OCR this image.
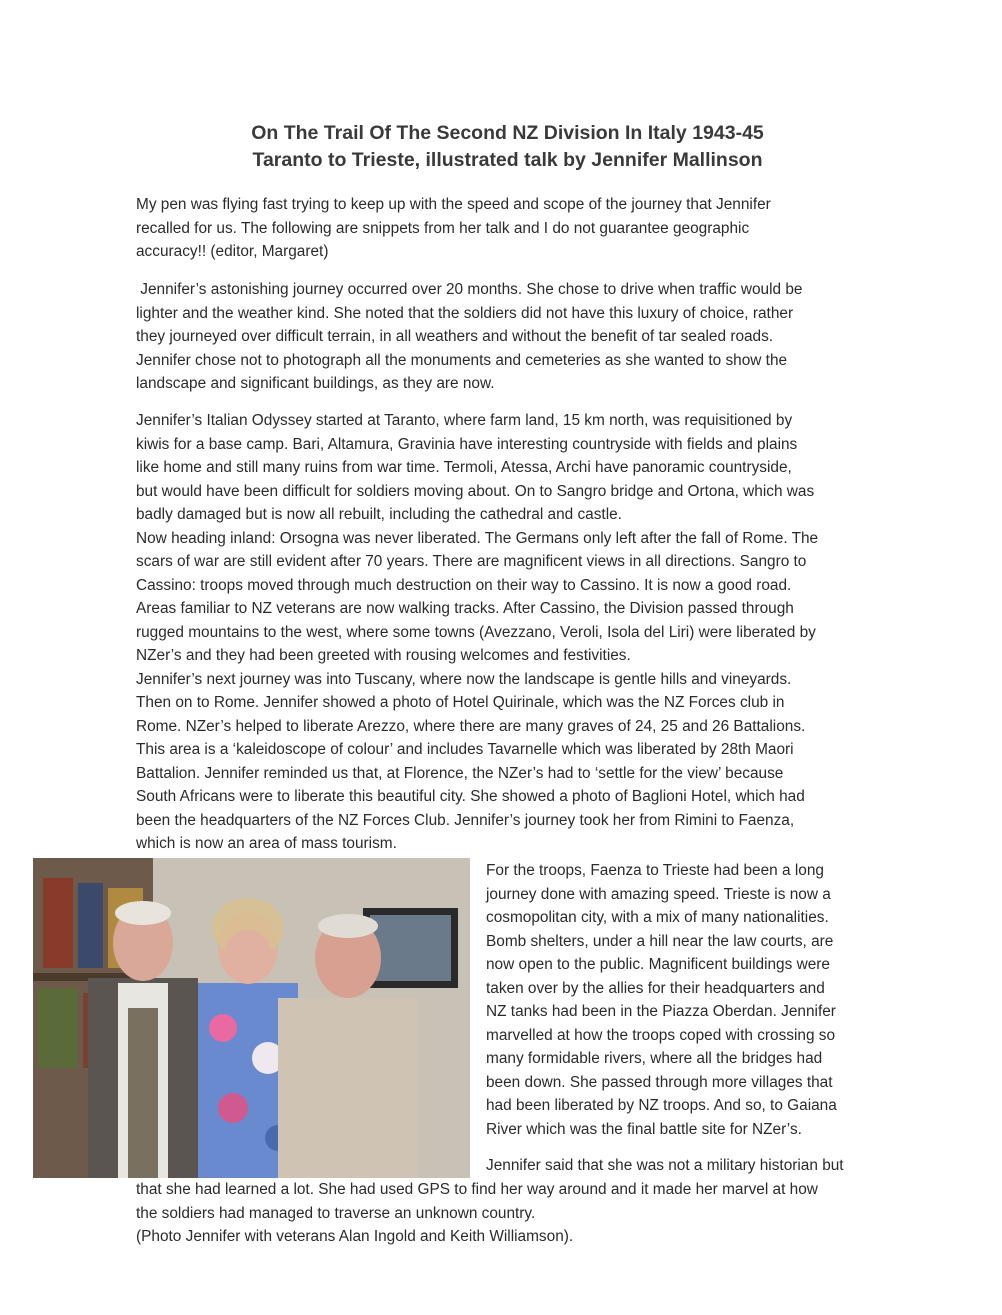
On The Trail Of The Second NZ Division In Italy 1943-45

Taranto to Trieste, illustrated talk by Jennifer Mallinson

My pen was flying fast trying to keep up with the speed and scope of the journey that Jennifer
recalled for us. The following are snippets from her talk and I do not guarantee geographic
accuracy!! (editor, Margaret)

Jennifer’s astonishing journey occurred over 20 months. She chose to drive when traffic would be
lighter and the weather kind. She noted that the soldiers did not have this luxury of choice, rather
they journeyed over difficult terrain, in all weathers and without the benefit of tar sealed roads.
Jennifer chose not to photograph all the monuments and cemeteries as she wanted to show the
landscape and significant buildings, as they are now.

Jennifer’s Italian Odyssey started at Taranto, where farm land, 15 km north, was requisitioned by
kiwis for a base camp. Bari, Altamura, Gravinia have interesting countryside with fields and plains
like home and still many ruins from war time. Termoli, Atessa, Archi have panoramic countryside,
but would have been difficult for soldiers moving about. On to Sangro bridge and Ortona, which was
badly damaged but is now all rebuilt, including the cathedral and castle.
Now heading inland: Orsogna was never liberated. The Germans only left after the fall of Rome. The
scars of war are still evident after 70 years. There are magnificent views in all directions. Sangro to
Cassino: troops moved through much destruction on their way to Cassino. It is now a good road.
Areas familiar to NZ veterans are now walking tracks. After Cassino, the Division passed through
rugged mountains to the west, where some towns (Avezzano, Veroli, Isola del Liri) were liberated by
NZer’s and they had been greeted with rousing welcomes and festivities.
Jennifer’s next journey was into Tuscany, where now the landscape is gentle hills and vineyards.
Then on to Rome. Jennifer showed a photo of Hotel Quirinale, which was the NZ Forces club in
Rome. NZer’s helped to liberate Arezzo, where there are many graves of 24, 25 and 26 Battalions.
This area is a ‘kaleidoscope of colour’ and includes Tavarnelle which was liberated by 28th Maori
Battalion. Jennifer reminded us that, at Florence, the NZer’s had to ‘settle for the view’ because
South Africans were to liberate this beautiful city. She showed a photo of Baglioni Hotel, which had
been the headquarters of the NZ Forces Club. Jennifer’s journey took her from Rimini to Faenza,
which is now an area of mass tourism.

For the troops, Faenza to Trieste had been a long
journey done with amazing speed. Trieste is now a
cosmopolitan city, with a mix of many nationalities.
Bomb shelters, under a hill near the law courts, are
now open to the public. Magnificent buildings were
taken over by the allies for their headquarters and
NZ tanks had been in the Piazza Oberdan. Jennifer
marvelled at how the troops coped with crossing so
many formidable rivers, where all the bridges had
been down. She passed through more villages that
had been liberated by NZ troops. And so, to Gaiana
River which was the final battle site for NZer’s.

Jennifer said that she was not a military historian but

that she had learned a lot. She had used GPS to find her way around and it made her marvel at how
the soldiers had managed to traverse an unknown country.
(Photo Jennifer with veterans Alan Ingold and Keith Williamson).
